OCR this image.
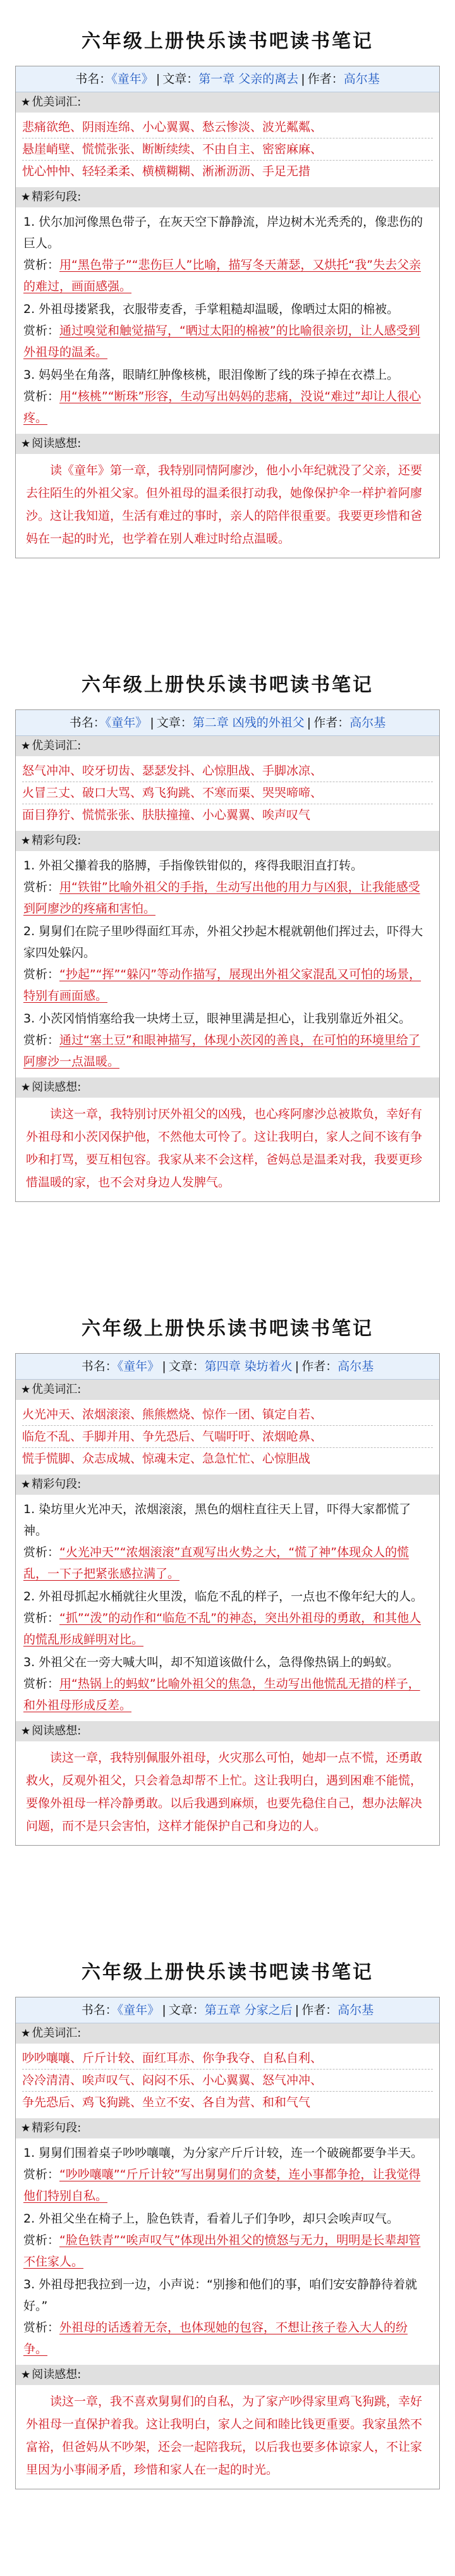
六年级上册快乐读书吧读书笔记
书名：《童年》 | 文章：第一章 父亲的离去 | 作者：高尔基
★ 优美词汇:
悲痛欲绝、阴雨连绵、小心翼翼、愁云惨淡、波光粼粼、
悬崖峭壁、慌慌张张、断断续续、不由自主、密密麻麻、
忧心忡忡、轻轻柔柔、横横糊糊、淅淅沥沥、手足无措
★ 精彩句段:
1. 伏尔加河像黑色带子，在灰天空下静静流，岸边树木光秃秃的，像悲伤的巨人。
赏析：用“黑色带子”“悲伤巨人”比喻，描写冬天萧瑟，又烘托“我”失去父亲的难过，画面感强。
2. 外祖母搂紧我，衣服带麦香，手掌粗糙却温暖，像晒过太阳的棉被。
赏析：通过嗅觉和触觉描写，“晒过太阳的棉被”的比喻很亲切，让人感受到外祖母的温柔。
3. 妈妈坐在角落，眼睛红肿像核桃，眼泪像断了线的珠子掉在衣襟上。
赏析：用“核桃”“断珠”形容，生动写出妈妈的悲痛，没说“难过”却让人很心疼。
★ 阅读感想:
读《童年》第一章，我特别同情阿廖沙，他小小年纪就没了父亲，还要去往陌生的外祖父家。但外祖母的温柔很打动我，她像保护伞一样护着阿廖沙。这让我知道，生活有难过的事时，亲人的陪伴很重要。我要更珍惜和爸妈在一起的时光，也学着在别人难过时给点温暖。
六年级上册快乐读书吧读书笔记
书名：《童年》 | 文章：第二章 凶残的外祖父 | 作者：高尔基
★ 优美词汇:
怒气冲冲、咬牙切齿、瑟瑟发抖、心惊胆战、手脚冰凉、
火冒三丈、破口大骂、鸡飞狗跳、不寒而栗、哭哭啼啼、
面目狰狞、慌慌张张、肤肤撞撞、小心翼翼、唉声叹气
★ 精彩句段:
1. 外祖父攥着我的胳膊，手指像铁钳似的，疼得我眼泪直打转。
赏析：用“铁钳”比喻外祖父的手指，生动写出他的用力与凶狠，让我能感受到阿廖沙的疼痛和害怕。
2. 舅舅们在院子里吵得面红耳赤，外祖父抄起木棍就朝他们挥过去，吓得大家四处躲闪。
赏析：“抄起”“挥”“躲闪”等动作描写，展现出外祖父家混乱又可怕的场景，特别有画面感。
3. 小茨冈悄悄塞给我一块烤土豆，眼神里满是担心，让我别靠近外祖父。
赏析：通过“塞土豆”和眼神描写，体现小茨冈的善良，在可怕的环境里给了阿廖沙一点温暖。
★ 阅读感想:
读这一章，我特别讨厌外祖父的凶残，也心疼阿廖沙总被欺负，幸好有外祖母和小茨冈保护他，不然他太可怜了。这让我明白，家人之间不该有争吵和打骂，要互相包容。我家从来不会这样，爸妈总是温柔对我，我要更珍惜温暖的家，也不会对身边人发脾气。
六年级上册快乐读书吧读书笔记
书名：《童年》 | 文章：第四章 染坊着火 | 作者：高尔基
★ 优美词汇:
火光冲天、浓烟滚滚、熊熊燃烧、惊作一团、镇定自若、
临危不乱、手脚并用、争先恐后、气喘吁吁、浓烟呛鼻、
慌手慌脚、众志成城、惊魂未定、急急忙忙、心惊胆战
★ 精彩句段:
1. 染坊里火光冲天，浓烟滚滚，黑色的烟柱直往天上冒，吓得大家都慌了神。
赏析：“火光冲天”“浓烟滚滚”直观写出火势之大，“慌了神”体现众人的慌乱，一下子把紧张感拉满了。
2. 外祖母抓起水桶就往火里泼，临危不乱的样子，一点也不像年纪大的人。
赏析：“抓”“泼”的动作和“临危不乱”的神态，突出外祖母的勇敢，和其他人的慌乱形成鲜明对比。
3. 外祖父在一旁大喊大叫，却不知道该做什么，急得像热锅上的蚂蚁。
赏析：用“热锅上的蚂蚁”比喻外祖父的焦急，生动写出他慌乱无措的样子，和外祖母形成反差。
★ 阅读感想:
读这一章，我特别佩服外祖母，火灾那么可怕，她却一点不慌，还勇敢救火，反观外祖父，只会着急却帮不上忙。这让我明白，遇到困难不能慌，要像外祖母一样冷静勇敢。以后我遇到麻烦，也要先稳住自己，想办法解决问题，而不是只会害怕，这样才能保护自己和身边的人。
六年级上册快乐读书吧读书笔记
书名：《童年》 | 文章：第五章 分家之后 | 作者：高尔基
★ 优美词汇:
吵吵嚷嚷、斤斤计较、面红耳赤、你争我夺、自私自利、
冷冷清清、唉声叹气、闷闷不乐、小心翼翼、怒气冲冲、
争先恐后、鸡飞狗跳、坐立不安、各自为营、和和气气
★ 精彩句段:
1. 舅舅们围着桌子吵吵嚷嚷，为分家产斤斤计较，连一个破碗都要争半天。
赏析：“吵吵嚷嚷”“斤斤计较”写出舅舅们的贪婪，连小事都争抢，让我觉得他们特别自私。
2. 外祖父坐在椅子上，脸色铁青，看着儿子们争吵，却只会唉声叹气。
赏析：“脸色铁青”“唉声叹气”体现出外祖父的愤怒与无力，明明是长辈却管不住家人。
3. 外祖母把我拉到一边，小声说：“别掺和他们的事，咱们安安静静待着就好。”
赏析：外祖母的话透着无奈，也体现她的包容，不想让孩子卷入大人的纷争。
★ 阅读感想:
读这一章，我不喜欢舅舅们的自私，为了家产吵得家里鸡飞狗跳，幸好外祖母一直保护着我。这让我明白，家人之间和睦比钱更重要。我家虽然不富裕，但爸妈从不吵架，还会一起陪我玩，以后我也要多体谅家人，不让家里因为小事闹矛盾，珍惜和家人在一起的时光。
